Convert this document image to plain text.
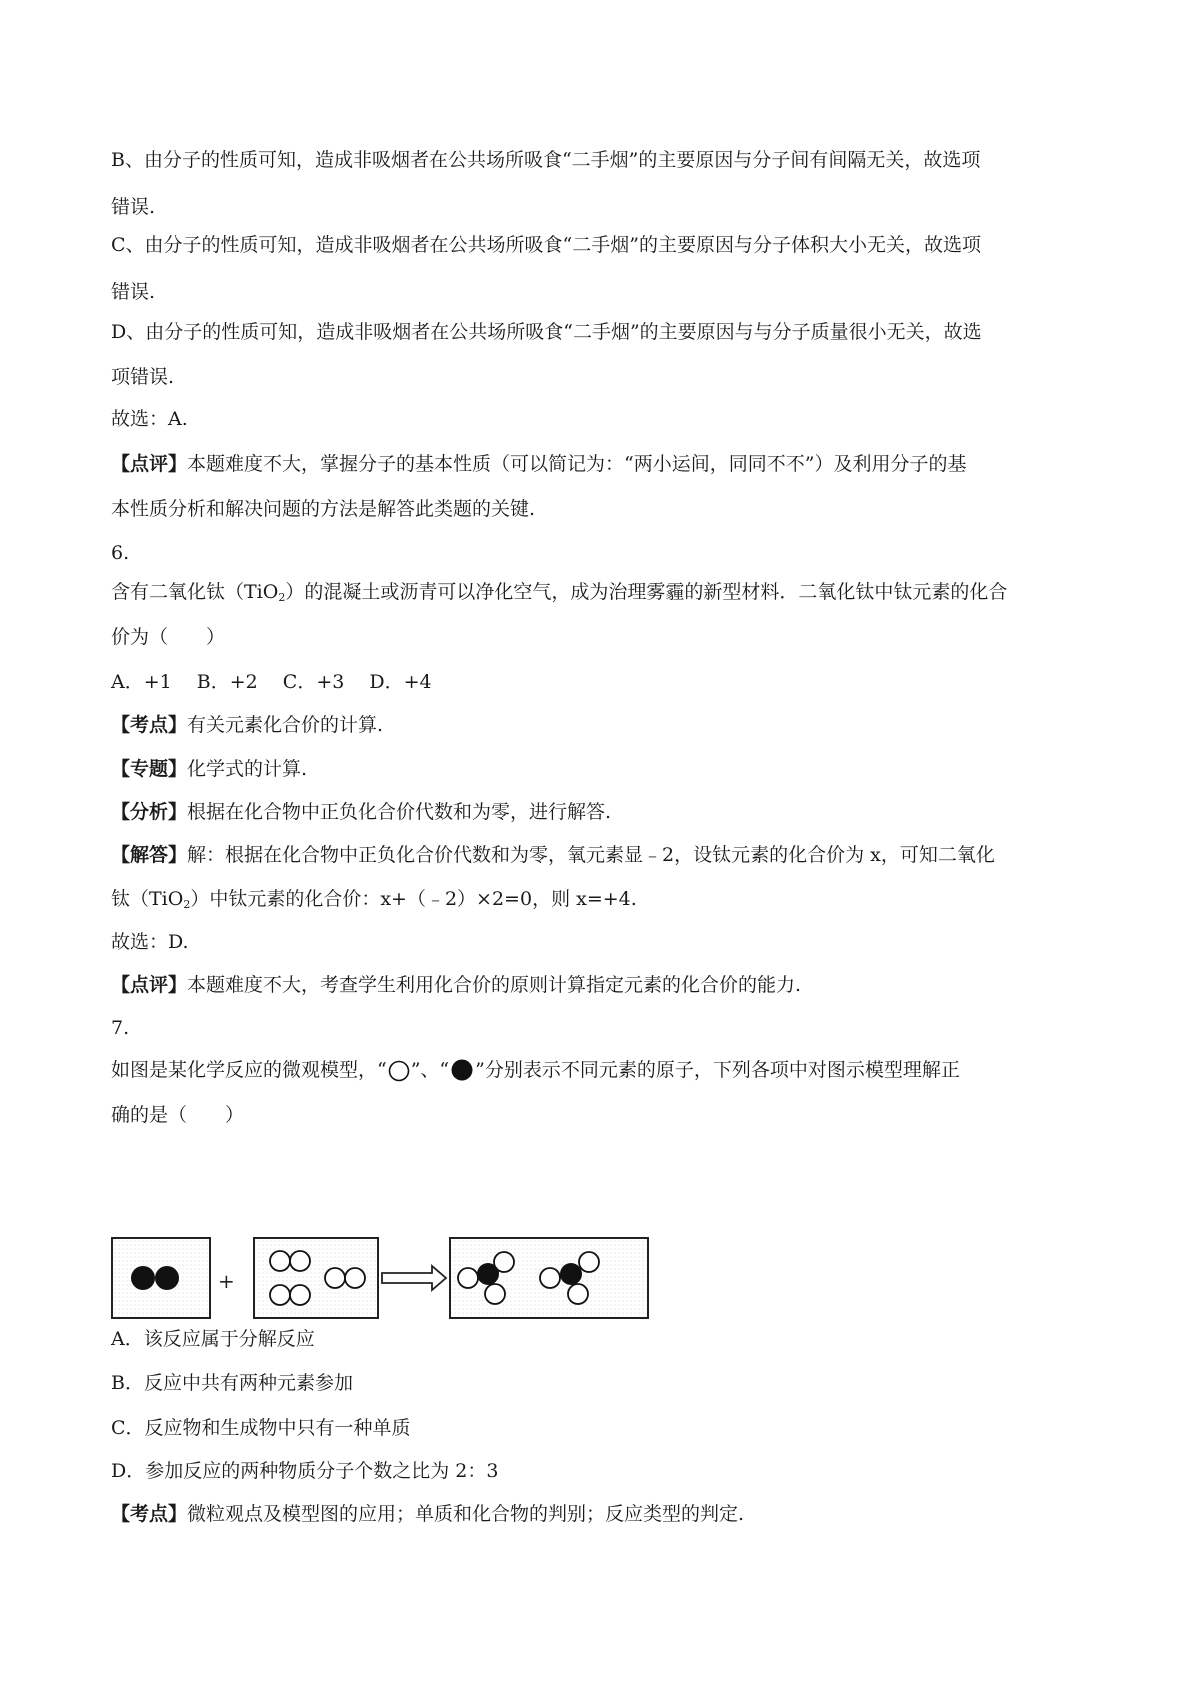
B、由分子的性质可知，造成非吸烟者在公共场所吸食“二手烟”的主要原因与分子间有间隔无关，故选项
错误.
C、由分子的性质可知，造成非吸烟者在公共场所吸食“二手烟”的主要原因与分子体积大小无关，故选项
错误.
D、由分子的性质可知，造成非吸烟者在公共场所吸食“二手烟”的主要原因与与分子质量很小无关，故选
项错误.
故选：A.
【点评】本题难度不大，掌握分子的基本性质（可以简记为：“两小运间，同同不不”）及利用分子的基
本性质分析和解决问题的方法是解答此类题的关键.
6.
含有二氧化钛（TiO$_2$）的混凝土或沥青可以净化空气，成为治理雾霾的新型材料．二氧化钛中钛元素的化合
价为（　　）
A．+1　 B．+2　 C．+3　 D．+4
【考点】有关元素化合价的计算.
【专题】化学式的计算.
【分析】根据在化合物中正负化合价代数和为零，进行解答.
【解答】解：根据在化合物中正负化合价代数和为零，氧元素显﹣2，设钛元素的化合价为 x，可知二氧化
钛（TiO$_2$）中钛元素的化合价：x+（﹣2）×2=0，则 x=+4.
故选：D.
【点评】本题难度不大，考查学生利用化合价的原则计算指定元素的化合价的能力.
7.
如图是某化学反应的微观模型，“ ”、“ ”分别表示不同元素的原子，下列各项中对图示模型理解正
确的是（　　）
+
A．该反应属于分解反应
B．反应中共有两种元素参加
C．反应物和生成物中只有一种单质
D．参加反应的两种物质分子个数之比为 2：3
【考点】微粒观点及模型图的应用；单质和化合物的判别；反应类型的判定.
